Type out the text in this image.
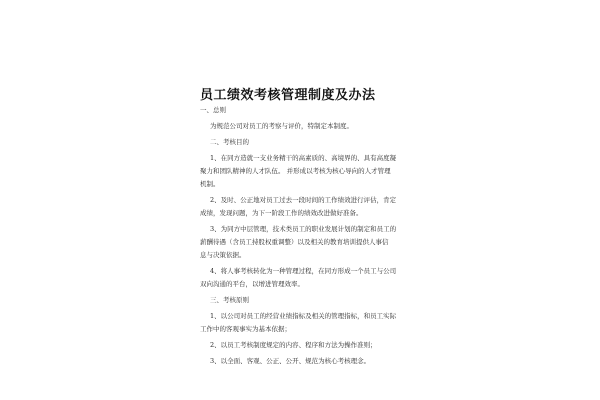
员工绩效考核管理制度及办法
一、总则
为规范公司对员工的考察与评价，特制定本制度。
二、考核目的
1、在同方造就一支业务精干的高素质的、高境界的、具有高度凝
聚力和团队精神的人才队伍。 并形成以考核为核心导向的人才管理
机制。
2、及时、公正地对员工过去一段时间的工作绩效进行评估，肯定
成绩，发现问题，为下一阶段工作的绩效改进做好准备。
3、为同方中层管理，技术类员工的职业发展计划的制定和员工的
薪酬待遇（含员工持股权重调整）以及相关的教育培训提供人事信
息与决策依据。
4、将人事考核转化为一种管理过程，在同方形成一个员工与公司
双向沟通的平台，以增进管理效率。
三、考核原则
1、以公司对员工的经营业绩指标及相关的管理指标，和员工实际
工作中的客观事实为基本依据；
2、以员工考核制度规定的内容、程序和方法为操作准则；
3、以全面、客观、公正、公开、规范为核心考核理念。
